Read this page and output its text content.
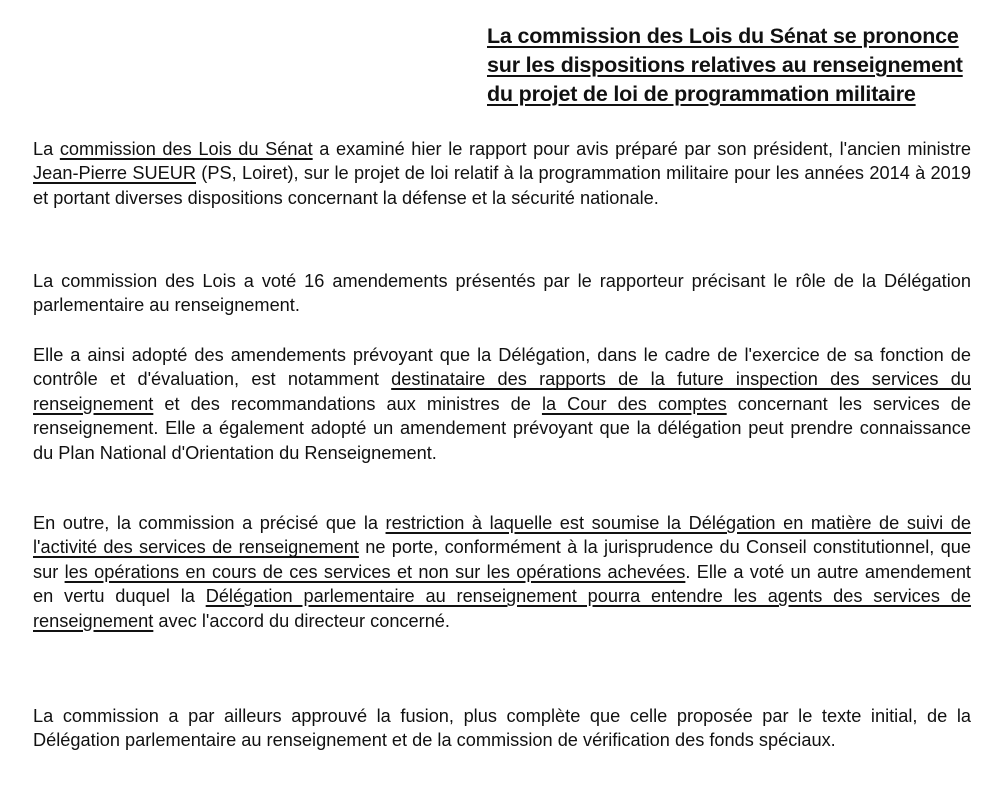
La commission des Lois du Sénat se prononce
sur les dispositions relatives au renseignement
du projet de loi de programmation militaire

La commission des Lois du Sénat a examiné hier le rapport pour avis préparé par son président, l'ancien ministre Jean-Pierre SUEUR (PS, Loiret), sur le projet de loi relatif à la programmation militaire pour les années 2014 à 2019 et portant diverses dispositions concernant la défense et la sécurité nationale.

La commission des Lois a voté 16 amendements présentés par le rapporteur précisant le rôle de la Délégation parlementaire au renseignement.

Elle a ainsi adopté des amendements prévoyant que la Délégation, dans le cadre de l'exercice de sa fonction de contrôle et d'évaluation, est notamment destinataire des rapports de la future inspection des services du renseignement et des recommandations aux ministres de la Cour des comptes concernant les services de renseignement. Elle a également adopté un amendement prévoyant que la délégation peut prendre connaissance du Plan National d'Orientation du Renseignement.

En outre, la commission a précisé que la restriction à laquelle est soumise la Délégation en matière de suivi de l'activité des services de renseignement ne porte, conformément à la jurisprudence du Conseil constitutionnel, que sur les opérations en cours de ces services et non sur les opérations achevées. Elle a voté un autre amendement en vertu duquel la Délégation parlementaire au renseignement pourra entendre les agents des services de renseignement avec l'accord du directeur concerné.

La commission a par ailleurs approuvé la fusion, plus complète que celle proposée par le texte initial, de la Délégation parlementaire au renseignement et de la commission de vérification des fonds spéciaux.
